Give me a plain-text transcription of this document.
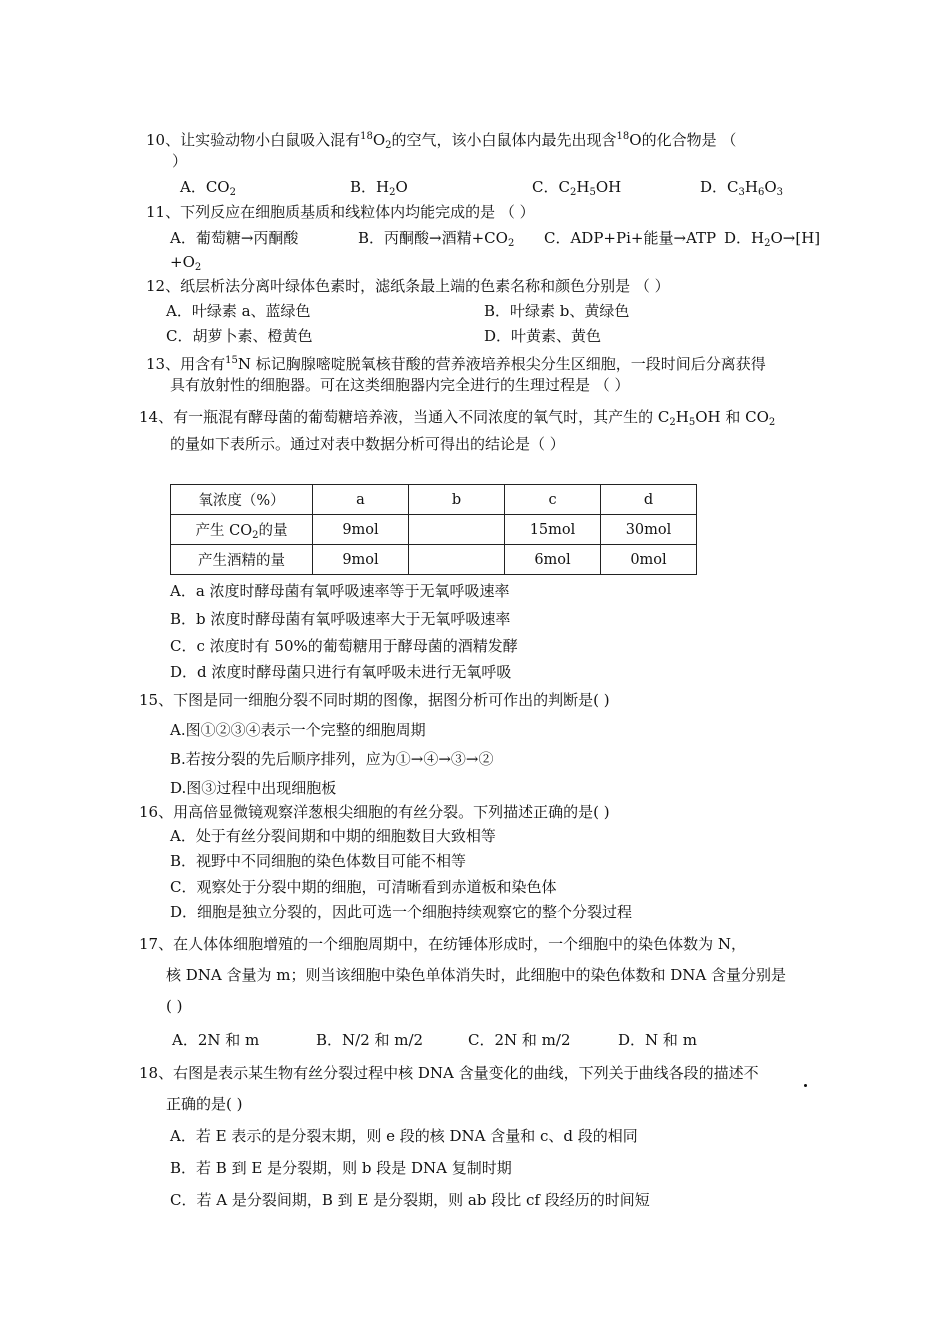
10、让实验动物小白鼠吸入混有$^{18}O_2$的空气，该小白鼠体内最先出现含$^{18}$O的化合物是 （
）
A．$CO_2$	B．$H_2O$	C．$C_2H_5OH$	D．$C_3H_6O_3$
11、下列反应在细胞质基质和线粒体内均能完成的是 （ ）
A．葡萄糖→丙酮酸	B．丙酮酸→酒精$+CO_2$ C．ADP+Pi+能量→ATP D．$H_2O\to[H]$
$+O_2$
12、纸层析法分离叶绿体色素时，滤纸条最上端的色素名称和颜色分别是 （ ）
A．叶绿素 a、蓝绿色	B．叶绿素 b、黄绿色
C．胡萝卜素、橙黄色	D．叶黄素、黄色
13、用含有$^{15}$N 标记胸腺嘧啶脱氧核苷酸的营养液培养根尖分生区细胞，一段时间后分离获得
具有放射性的细胞器。可在这类细胞器内完全进行的生理过程是 （ ）
14、有一瓶混有酵母菌的葡萄糖培养液，当通入不同浓度的氧气时，其产生的 $C_2H_5OH$ 和 $CO_2$
的量如下表所示。通过对表中数据分析可得出的结论是（ ）
氧浓度（%）	a	b	c	d
产生 $CO_2$的量	9mol		15mol	30mol
产生酒精的量	9mol		6mol	0mol
A．a 浓度时酵母菌有氧呼吸速率等于无氧呼吸速率
B．b 浓度时酵母菌有氧呼吸速率大于无氧呼吸速率
C．c 浓度时有 50%的葡萄糖用于酵母菌的酒精发酵
D．d 浓度时酵母菌只进行有氧呼吸未进行无氧呼吸
15、下图是同一细胞分裂不同时期的图像，据图分析可作出的判断是( )
A.图①②③④表示一个完整的细胞周期
B.若按分裂的先后顺序排列，应为①→④→③→②
D.图③过程中出现细胞板
16、用高倍显微镜观察洋葱根尖细胞的有丝分裂。下列描述正确的是( )
A．处于有丝分裂间期和中期的细胞数目大致相等
B．视野中不同细胞的染色体数目可能不相等
C．观察处于分裂中期的细胞，可清晰看到赤道板和染色体
D．细胞是独立分裂的，因此可选一个细胞持续观察它的整个分裂过程
17、在人体体细胞增殖的一个细胞周期中，在纺锤体形成时，一个细胞中的染色体数为 N，
核 DNA 含量为 m；则当该细胞中染色单体消失时，此细胞中的染色体数和 DNA 含量分别是
( )
A．2N 和 m	B．N/2 和 m/2	C．2N 和 m/2	D．N 和 m
18、右图是表示某生物有丝分裂过程中核 DNA 含量变化的曲线，下列关于曲线各段的描述不
正确的是( )
A．若 E 表示的是分裂末期，则 e 段的核 DNA 含量和 c、d 段的相同
B．若 B 到 E 是分裂期，则 b 段是 DNA 复制时期
C．若 A 是分裂间期，B 到 E 是分裂期，则 ab 段比 cf 段经历的时间短
